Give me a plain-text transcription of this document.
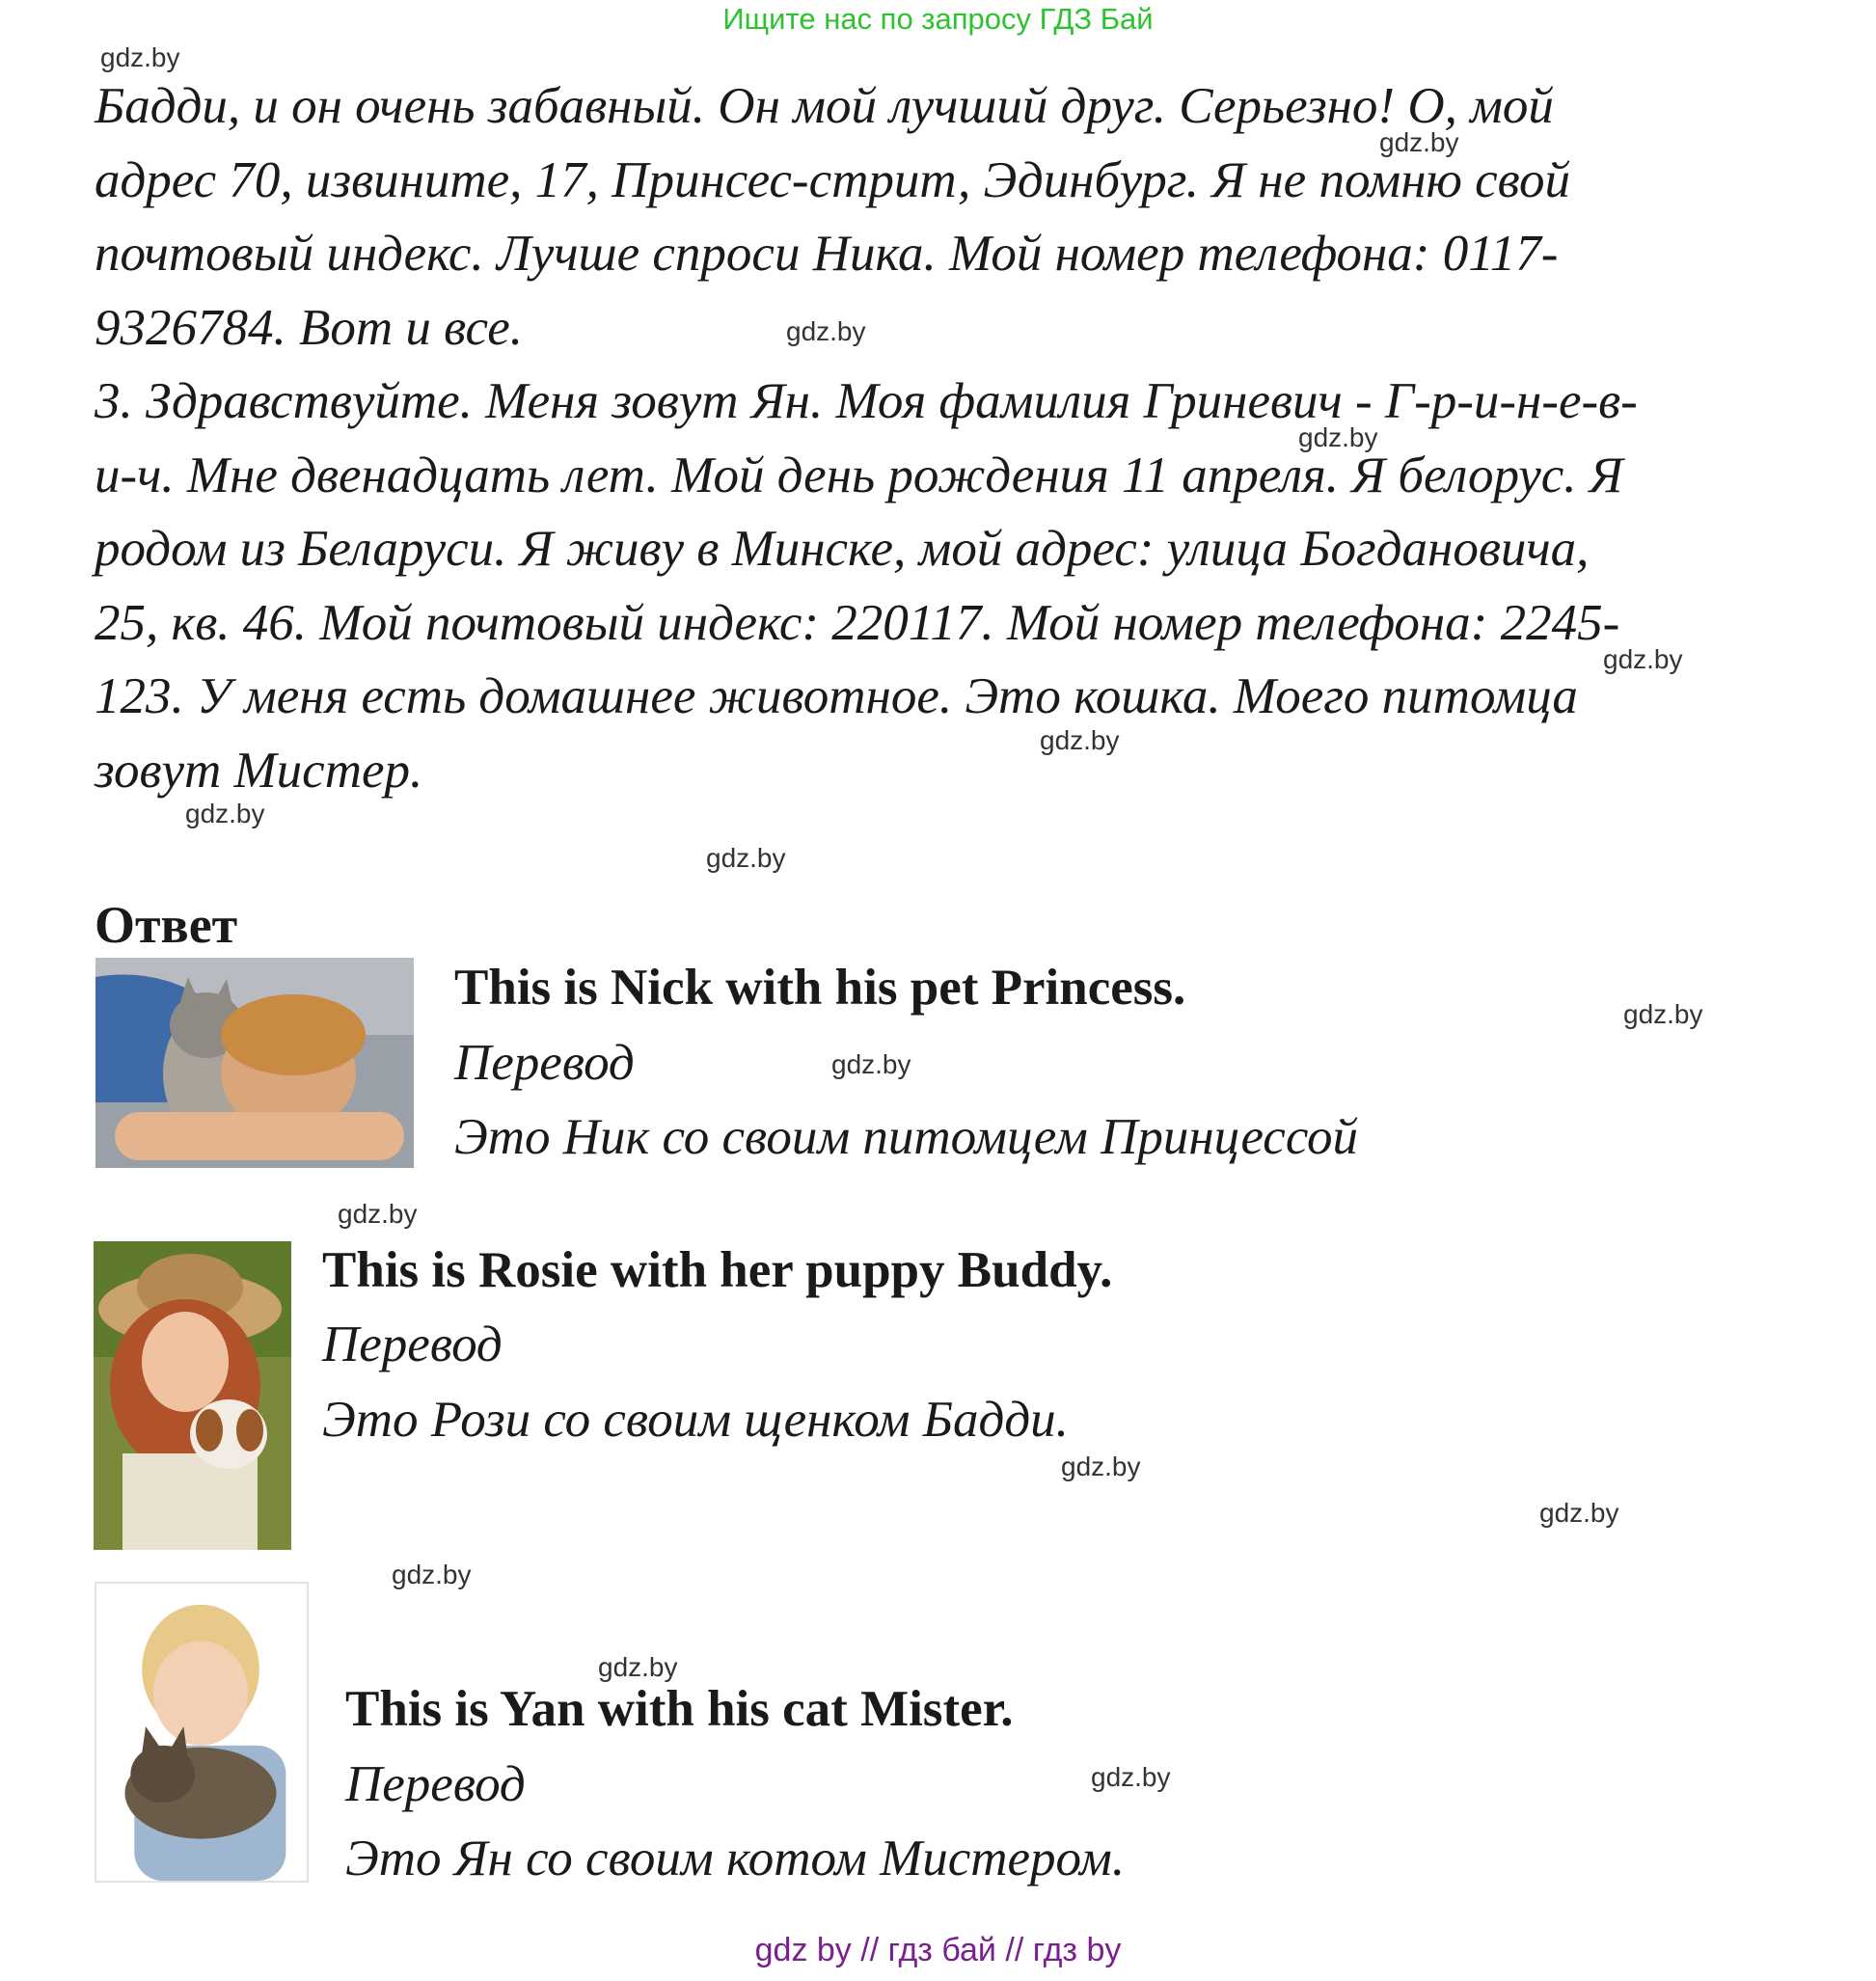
Ищите нас по запросу ГДЗ Бай
gdz.by
gdz.by
gdz.by
gdz.by
gdz.by
gdz.by
gdz.by
gdz.by
gdz.by
gdz.by
gdz.by
gdz.by
gdz.by
gdz.by
gdz.by
gdz.by
Бадди, и он очень забавный. Он мой лучший друг. Серьезно! О, мой
адрес 70, извините, 17, Принсес-стрит, Эдинбург. Я не помню свой
почтовый индекс. Лучше спроси Ника. Мой номер телефона: 0117-
9326784. Вот и все.
3. Здравствуйте. Меня зовут Ян. Моя фамилия Гриневич - Г-р-и-н-е-в-
и-ч. Мне двенадцать лет. Мой день рождения 11 апреля. Я белорус. Я
родом из Беларуси. Я живу в Минске, мой адрес: улица Богдановича,
25, кв. 46. Мой почтовый индекс: 220117. Мой номер телефона: 2245-
123. У меня есть домашнее животное. Это кошка. Моего питомца
зовут Мистер.
Ответ
This is Nick with his pet Princess.
Перевод
Это Ник со своим питомцем Принцессой
This is Rosie with her puppy Buddy.
Перевод
Это Рози со своим щенком Бадди.
This is Yan with his cat Mister.
Перевод
Это Ян со своим котом Мистером.
gdz by // гдз бай // гдз by
